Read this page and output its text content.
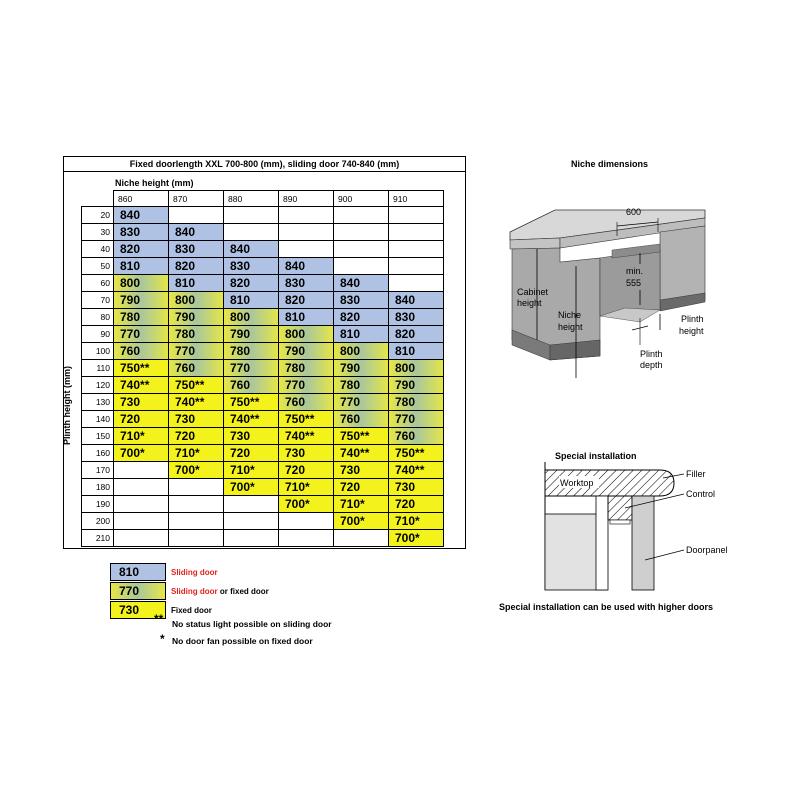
Fixed doorlength XXL 700-800 (mm), sliding door 740-840 (mm)
Niche height (mm)
Plinth height (mm)
	860	870	880	890	900	910
20	840					
30	830	840				
40	820	830	840			
50	810	820	830	840		
60	800	810	820	830	840	
70	790	800	810	820	830	840
80	780	790	800	810	820	830
90	770	780	790	800	810	820
100	760	770	780	790	800	810
110	750**	760	770	780	790	800
120	740**	750**	760	770	780	790
130	730	740**	750**	760	770	780
140	720	730	740**	750**	760	770
150	710*	720	730	740**	750**	760
160	700*	710*	720	730	740**	750**
170		700*	710*	720	730	740**
180			700*	710*	720	730
190				700*	710*	720
200					700*	710*
210						700*
810	Sliding door
770	Sliding door or fixed door
730	Fixed door
** No status light possible on sliding door
* No door fan possible on fixed door
Niche dimensions
600
min.
555
Cabinet
height
Niche
height
Plinth
height
Plinth
depth
Special installation
Worktop
Filler
Control
Doorpanel
Special installation can be used with higher doors
